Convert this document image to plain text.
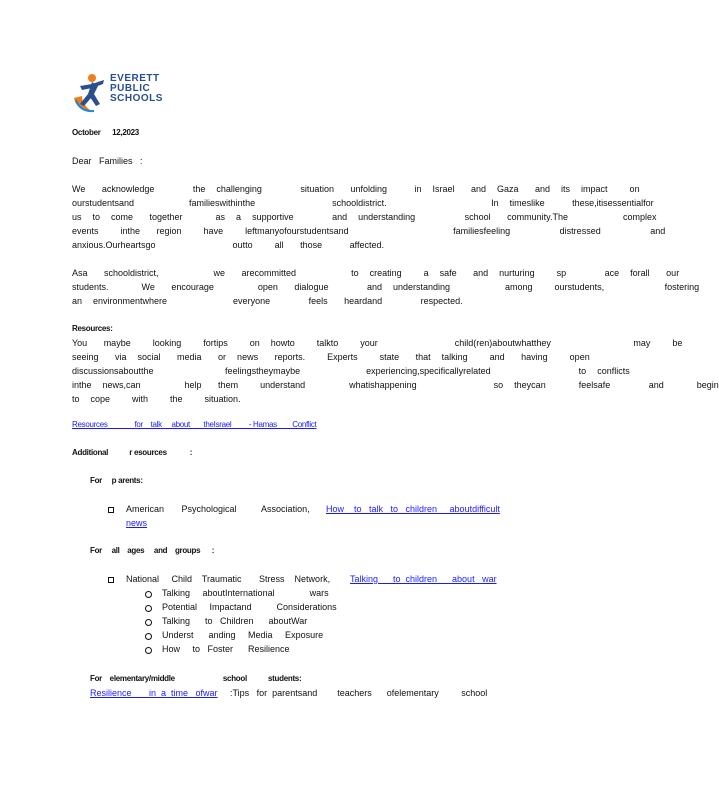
EVERETT
PUBLIC
SCHOOLS
October      12,2023
Dear   Families   :
We   acknowledge       the  challenging       situation   unfolding     in  Israel   and  Gaza   and  its  impact    on
ourstudentsand          familieswithinthe              schooldistrict.                   In  timeslike     these,itisessentialfor
us  to  come   together      as  a  supportive       and  understanding         school   community.The          complex
events    inthe   region    have    leftmanyofourstudentsand                   familiesfeeling         distressed         and
anxious.Ourheartsgo              outto    all   those     affected.
Asa   schooldistrict,          we   arecommitted          to  creating    a  safe   and  nurturing    sp       ace  forall   our
students.      We   encourage        open   dialogue       and  understanding          among    ourstudents,           fostering
an  environmentwhere            everyone       feels   heardand       respected.
Resources:
You   maybe    looking    fortips    on  howto    talkto    your              child(ren)aboutwhatthey               may    be
seeing   via  social   media   or  news   reports.    Experts    state   that  talking    and   having    open
discussionsaboutthe             feelingstheymaybe            experiencing,specificallyrelated                to  conflicts
inthe  news,can        help   them    understand        whatishappening              so  theycan      feelsafe       and      begin
to  cope    with    the    situation.
Resources              for    talk     about       theIsrael         - Hamas        Conflict
Additional           r esources            :
For     p arents:
American       Psychological          Association, How    to   talk   to   children     aboutdifficult
news
For     all    ages     and    groups      :
National     Child    Traumatic       Stress    Network, Talking      to  children      about   war
Talking     aboutInternational              wars
Potential     Impactand          Considerations
Talking      to   Children      aboutWar
Underst      anding     Media     Exposure
How     to   Foster      Resilience
For    elementary/middle                         school           students:
Resilience       in  a  time   ofwar :Tips   for  parentsand        teachers      ofelementary         school
